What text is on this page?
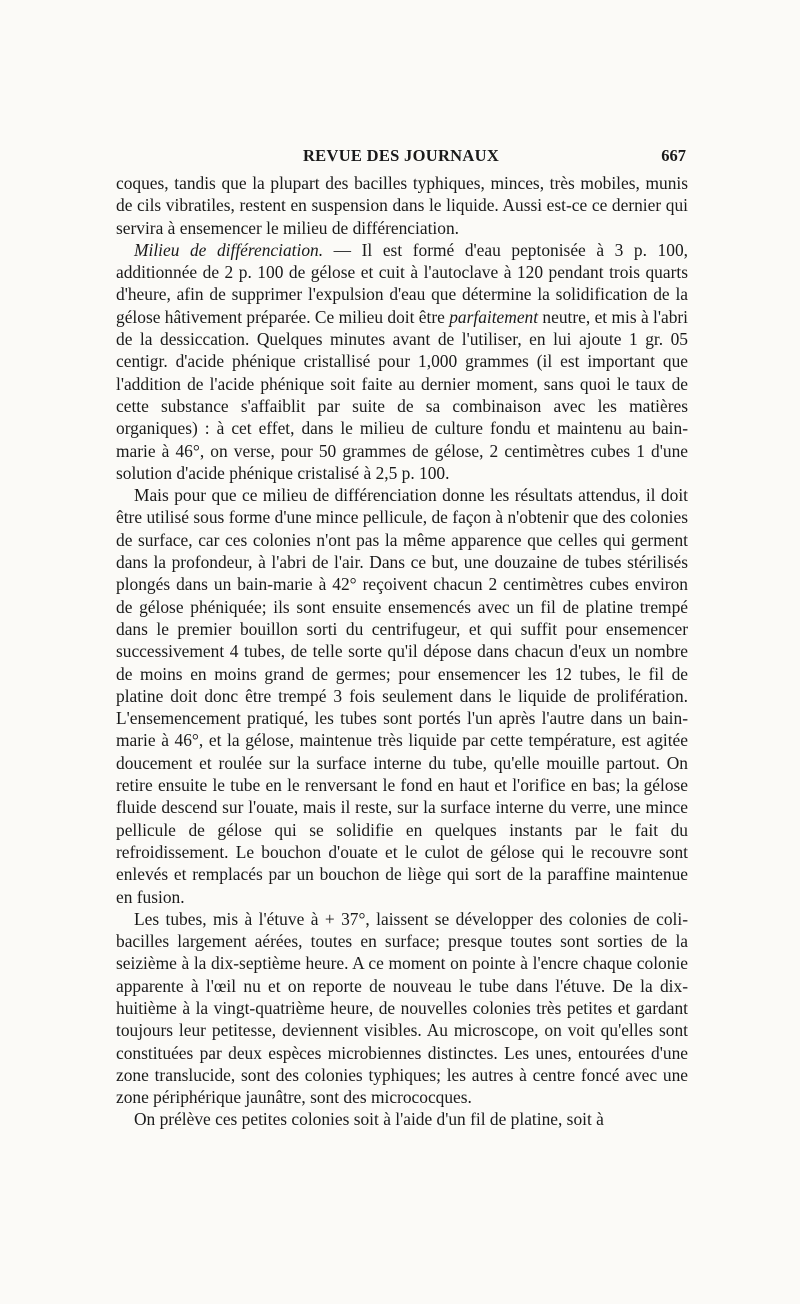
REVUE DES JOURNAUX	667

coques, tandis que la plupart des bacilles typhiques, minces, très mobiles, munis de cils vibratiles, restent en suspension dans le liquide. Aussi est-ce ce dernier qui servira à ensemencer le milieu de différenciation.

Milieu de différenciation. — Il est formé d'eau peptonisée à 3 p. 100, additionnée de 2 p. 100 de gélose et cuit à l'autoclave à 120 pendant trois quarts d'heure, afin de supprimer l'expulsion d'eau que détermine la solidification de la gélose hâtivement préparée. Ce milieu doit être parfaitement neutre, et mis à l'abri de la dessiccation. Quelques minutes avant de l'utiliser, en lui ajoute 1 gr. 05 centigr. d'acide phénique cristallisé pour 1,000 grammes (il est important que l'addition de l'acide phénique soit faite au dernier moment, sans quoi le taux de cette substance s'affaiblit par suite de sa combinaison avec les matières organiques) : à cet effet, dans le milieu de culture fondu et maintenu au bain-marie à 46°, on verse, pour 50 grammes de gélose, 2 centimètres cubes 1 d'une solution d'acide phénique cristalisé à 2,5 p. 100.

Mais pour que ce milieu de différenciation donne les résultats attendus, il doit être utilisé sous forme d'une mince pellicule, de façon à n'obtenir que des colonies de surface, car ces colonies n'ont pas la même apparence que celles qui germent dans la profondeur, à l'abri de l'air. Dans ce but, une douzaine de tubes stérilisés plongés dans un bain-marie à 42° reçoivent chacun 2 centimètres cubes environ de gélose phéniquée; ils sont ensuite ensemencés avec un fil de platine trempé dans le premier bouillon sorti du centrifugeur, et qui suffit pour ensemencer successivement 4 tubes, de telle sorte qu'il dépose dans chacun d'eux un nombre de moins en moins grand de germes; pour ensemencer les 12 tubes, le fil de platine doit donc être trempé 3 fois seulement dans le liquide de prolifération. L'ensemencement pratiqué, les tubes sont portés l'un après l'autre dans un bain-marie à 46°, et la gélose, maintenue très liquide par cette température, est agitée doucement et roulée sur la surface interne du tube, qu'elle mouille partout. On retire ensuite le tube en le renversant le fond en haut et l'orifice en bas; la gélose fluide descend sur l'ouate, mais il reste, sur la surface interne du verre, une mince pellicule de gélose qui se solidifie en quelques instants par le fait du refroidissement. Le bouchon d'ouate et le culot de gélose qui le recouvre sont enlevés et remplacés par un bouchon de liège qui sort de la paraffine maintenue en fusion.

Les tubes, mis à l'étuve à + 37°, laissent se développer des colonies de coli-bacilles largement aérées, toutes en surface; presque toutes sont sorties de la seizième à la dix-septième heure. A ce moment on pointe à l'encre chaque colonie apparente à l'œil nu et on reporte de nouveau le tube dans l'étuve. De la dix-huitième à la vingt-quatrième heure, de nouvelles colonies très petites et gardant toujours leur petitesse, deviennent visibles. Au microscope, on voit qu'elles sont constituées par deux espèces microbiennes distinctes. Les unes, entourées d'une zone translucide, sont des colonies typhiques; les autres à centre foncé avec une zone périphérique jaunâtre, sont des micrococques.

On prélève ces petites colonies soit à l'aide d'un fil de platine, soit à
